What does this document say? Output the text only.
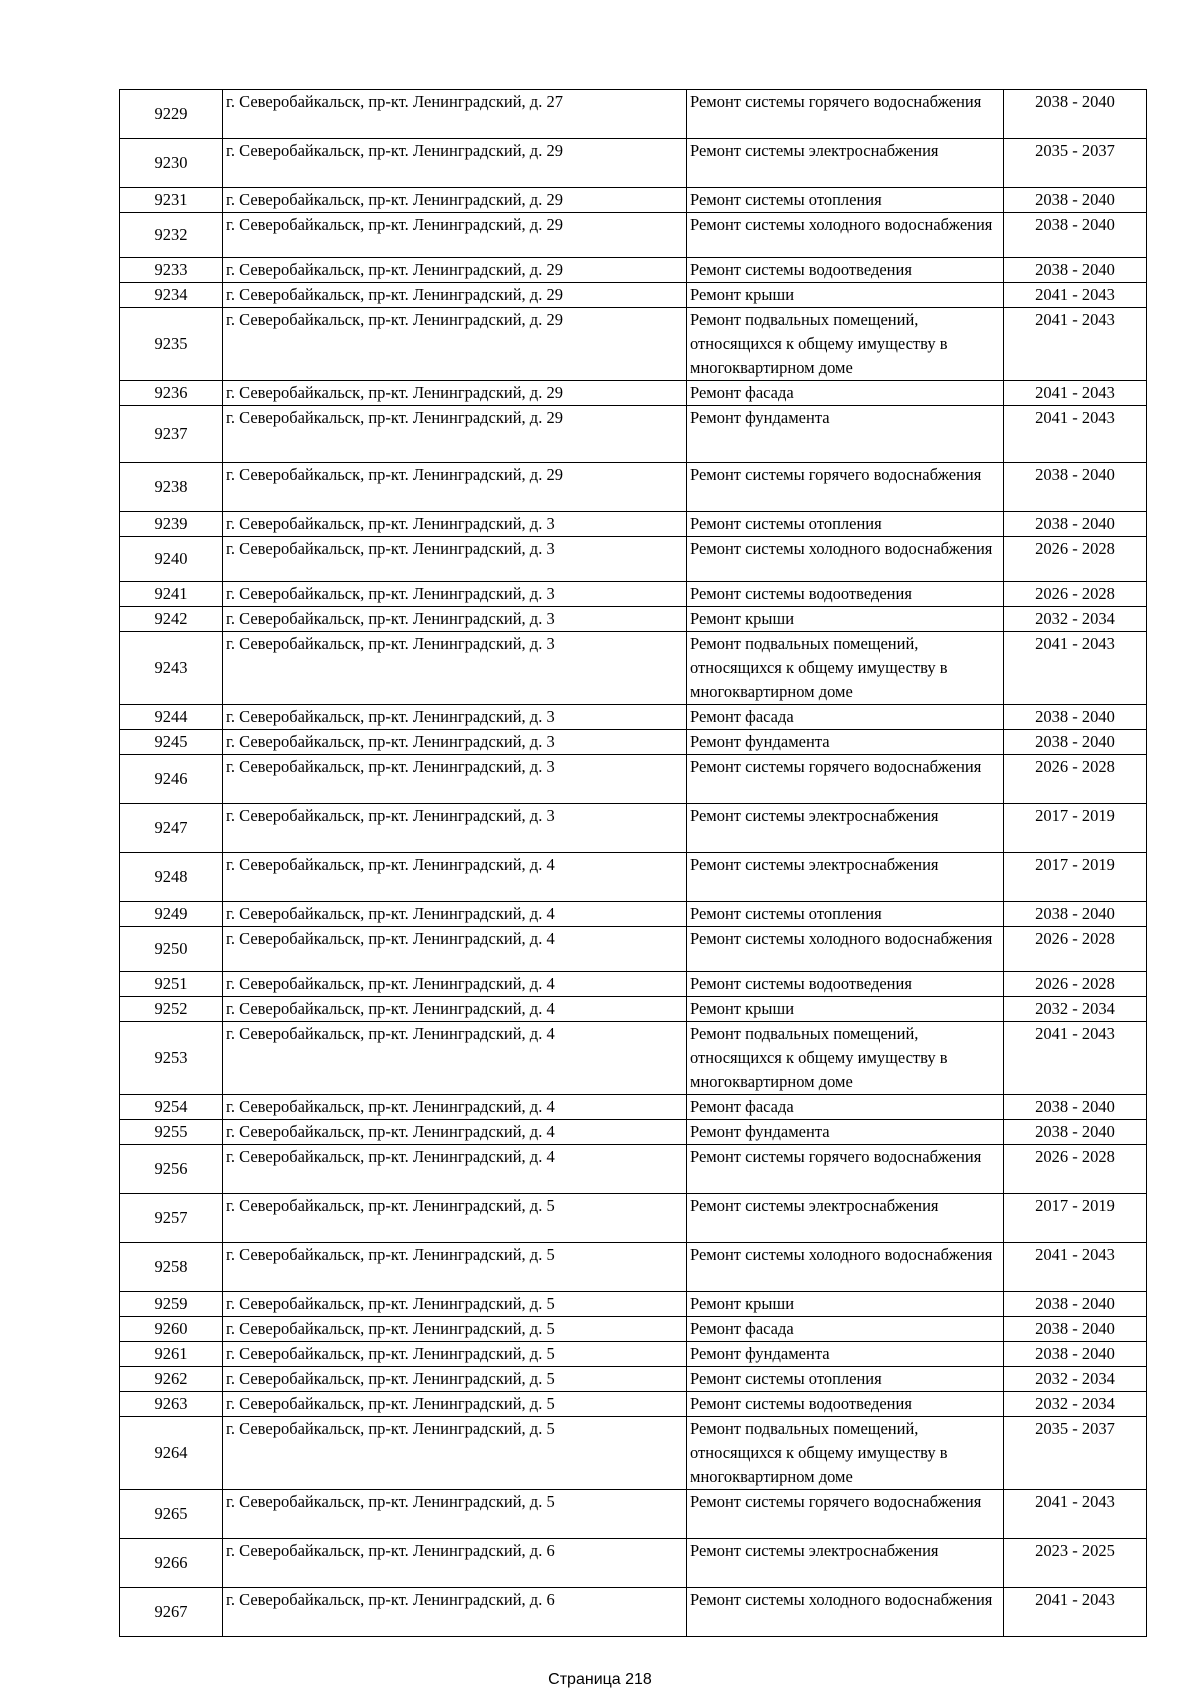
9229	г. Северобайкальск, пр-кт. Ленинградский, д. 27	Ремонт системы горячего водоснабжения	2038 - 2040
9230	г. Северобайкальск, пр-кт. Ленинградский, д. 29	Ремонт системы электроснабжения	2035 - 2037
9231	г. Северобайкальск, пр-кт. Ленинградский, д. 29	Ремонт системы отопления	2038 - 2040
9232	г. Северобайкальск, пр-кт. Ленинградский, д. 29	Ремонт системы холодного водоснабжения	2038 - 2040
9233	г. Северобайкальск, пр-кт. Ленинградский, д. 29	Ремонт системы водоотведения	2038 - 2040
9234	г. Северобайкальск, пр-кт. Ленинградский, д. 29	Ремонт крыши	2041 - 2043
9235	г. Северобайкальск, пр-кт. Ленинградский, д. 29	Ремонт подвальных помещений, относящихся к общему имуществу в многоквартирном доме	2041 - 2043
9236	г. Северобайкальск, пр-кт. Ленинградский, д. 29	Ремонт фасада	2041 - 2043
9237	г. Северобайкальск, пр-кт. Ленинградский, д. 29	Ремонт фундамента	2041 - 2043
9238	г. Северобайкальск, пр-кт. Ленинградский, д. 29	Ремонт системы горячего водоснабжения	2038 - 2040
9239	г. Северобайкальск, пр-кт. Ленинградский, д. 3	Ремонт системы отопления	2038 - 2040
9240	г. Северобайкальск, пр-кт. Ленинградский, д. 3	Ремонт системы холодного водоснабжения	2026 - 2028
9241	г. Северобайкальск, пр-кт. Ленинградский, д. 3	Ремонт системы водоотведения	2026 - 2028
9242	г. Северобайкальск, пр-кт. Ленинградский, д. 3	Ремонт крыши	2032 - 2034
9243	г. Северобайкальск, пр-кт. Ленинградский, д. 3	Ремонт подвальных помещений, относящихся к общему имуществу в многоквартирном доме	2041 - 2043
9244	г. Северобайкальск, пр-кт. Ленинградский, д. 3	Ремонт фасада	2038 - 2040
9245	г. Северобайкальск, пр-кт. Ленинградский, д. 3	Ремонт фундамента	2038 - 2040
9246	г. Северобайкальск, пр-кт. Ленинградский, д. 3	Ремонт системы горячего водоснабжения	2026 - 2028
9247	г. Северобайкальск, пр-кт. Ленинградский, д. 3	Ремонт системы электроснабжения	2017 - 2019
9248	г. Северобайкальск, пр-кт. Ленинградский, д. 4	Ремонт системы электроснабжения	2017 - 2019
9249	г. Северобайкальск, пр-кт. Ленинградский, д. 4	Ремонт системы отопления	2038 - 2040
9250	г. Северобайкальск, пр-кт. Ленинградский, д. 4	Ремонт системы холодного водоснабжения	2026 - 2028
9251	г. Северобайкальск, пр-кт. Ленинградский, д. 4	Ремонт системы водоотведения	2026 - 2028
9252	г. Северобайкальск, пр-кт. Ленинградский, д. 4	Ремонт крыши	2032 - 2034
9253	г. Северобайкальск, пр-кт. Ленинградский, д. 4	Ремонт подвальных помещений, относящихся к общему имуществу в многоквартирном доме	2041 - 2043
9254	г. Северобайкальск, пр-кт. Ленинградский, д. 4	Ремонт фасада	2038 - 2040
9255	г. Северобайкальск, пр-кт. Ленинградский, д. 4	Ремонт фундамента	2038 - 2040
9256	г. Северобайкальск, пр-кт. Ленинградский, д. 4	Ремонт системы горячего водоснабжения	2026 - 2028
9257	г. Северобайкальск, пр-кт. Ленинградский, д. 5	Ремонт системы электроснабжения	2017 - 2019
9258	г. Северобайкальск, пр-кт. Ленинградский, д. 5	Ремонт системы холодного водоснабжения	2041 - 2043
9259	г. Северобайкальск, пр-кт. Ленинградский, д. 5	Ремонт крыши	2038 - 2040
9260	г. Северобайкальск, пр-кт. Ленинградский, д. 5	Ремонт фасада	2038 - 2040
9261	г. Северобайкальск, пр-кт. Ленинградский, д. 5	Ремонт фундамента	2038 - 2040
9262	г. Северобайкальск, пр-кт. Ленинградский, д. 5	Ремонт системы отопления	2032 - 2034
9263	г. Северобайкальск, пр-кт. Ленинградский, д. 5	Ремонт системы водоотведения	2032 - 2034
9264	г. Северобайкальск, пр-кт. Ленинградский, д. 5	Ремонт подвальных помещений, относящихся к общему имуществу в многоквартирном доме	2035 - 2037
9265	г. Северобайкальск, пр-кт. Ленинградский, д. 5	Ремонт системы горячего водоснабжения	2041 - 2043
9266	г. Северобайкальск, пр-кт. Ленинградский, д. 6	Ремонт системы электроснабжения	2023 - 2025
9267	г. Северобайкальск, пр-кт. Ленинградский, д. 6	Ремонт системы холодного водоснабжения	2041 - 2043
Страница 218
